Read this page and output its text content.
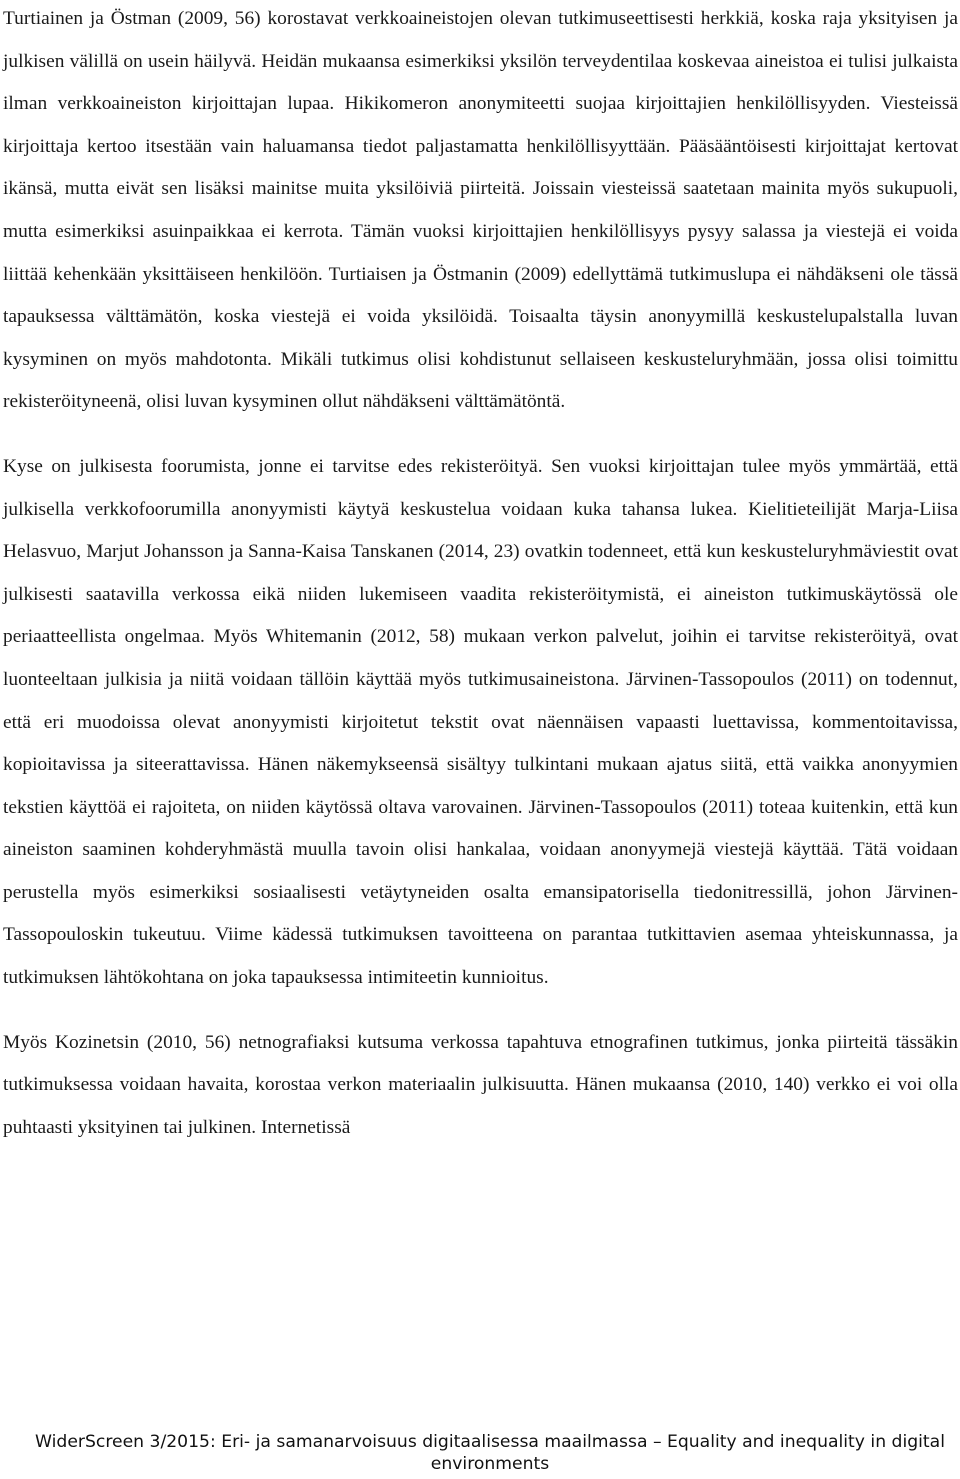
Turtiainen ja Östman (2009, 56) korostavat verkkoaineistojen olevan tutkimuseettisesti herkkiä, koska raja yksityisen ja julkisen välillä on usein häilyvä. Heidän mukaansa esimerkiksi yksilön terveydentilaa koskevaa aineistoa ei tulisi julkaista ilman verkkoaineiston kirjoittajan lupaa. Hikikomeron anonymiteetti suojaa kirjoittajien henkilöllisyyden. Viesteissä kirjoittaja kertoo itsestään vain haluamansa tiedot paljastamatta henkilöllisyyttään. Pääsääntöisesti kirjoittajat kertovat ikänsä, mutta eivät sen lisäksi mainitse muita yksilöiviä piirteitä. Joissain viesteissä saatetaan mainita myös sukupuoli, mutta esimerkiksi asuinpaikkaa ei kerrota. Tämän vuoksi kirjoittajien henkilöllisyys pysyy salassa ja viestejä ei voida liittää kehenkään yksittäiseen henkilöön. Turtiaisen ja Östmanin (2009) edellyttämä tutkimuslupa ei nähdäkseni ole tässä tapauksessa välttämätön, koska viestejä ei voida yksilöidä. Toisaalta täysin anonyymillä keskustelupalstalla luvan kysyminen on myös mahdotonta. Mikäli tutkimus olisi kohdistunut sellaiseen keskusteluryhmään, jossa olisi toimittu rekisteröityneenä, olisi luvan kysyminen ollut nähdäkseni välttämätöntä.

Kyse on julkisesta foorumista, jonne ei tarvitse edes rekisteröityä. Sen vuoksi kirjoittajan tulee myös ymmärtää, että julkisella verkkofoorumilla anonyymisti käytyä keskustelua voidaan kuka tahansa lukea. Kielitieteilijät Marja-Liisa Helasvuo, Marjut Johansson ja Sanna-Kaisa Tanskanen (2014, 23) ovatkin todenneet, että kun keskusteluryhmäviestit ovat julkisesti saatavilla verkossa eikä niiden lukemiseen vaadita rekisteröitymistä, ei aineiston tutkimuskäytössä ole periaatteellista ongelmaa. Myös Whitemanin (2012, 58) mukaan verkon palvelut, joihin ei tarvitse rekisteröityä, ovat luonteeltaan julkisia ja niitä voidaan tällöin käyttää myös tutkimusaineistona. Järvinen-Tassopoulos (2011) on todennut, että eri muodoissa olevat anonyymisti kirjoitetut tekstit ovat näennäisen vapaasti luettavissa, kommentoitavissa, kopioitavissa ja siteerattavissa. Hänen näkemykseensä sisältyy tulkintani mukaan ajatus siitä, että vaikka anonyymien tekstien käyttöä ei rajoiteta, on niiden käytössä oltava varovainen. Järvinen-Tassopoulos (2011) toteaa kuitenkin, että kun aineiston saaminen kohderyhmästä muulla tavoin olisi hankalaa, voidaan anonyymejä viestejä käyttää. Tätä voidaan perustella myös esimerkiksi sosiaalisesti vetäytyneiden osalta emansipatorisella tiedonitressillä, johon Järvinen-Tassopouloskin tukeutuu. Viime kädessä tutkimuksen tavoitteena on parantaa tutkittavien asemaa yhteiskunnassa, ja tutkimuksen lähtökohtana on joka tapauksessa intimiteetin kunnioitus.

Myös Kozinetsin (2010, 56) netnografiaksi kutsuma verkossa tapahtuva etnografinen tutkimus, jonka piirteitä tässäkin tutkimuksessa voidaan havaita, korostaa verkon materiaalin julkisuutta. Hänen mukaansa (2010, 140) verkko ei voi olla puhtaasti yksityinen tai julkinen. Internetissä

WiderScreen 3/2015: Eri- ja samanarvoisuus digitaalisessa maailmassa – Equality and inequality in digital environments
